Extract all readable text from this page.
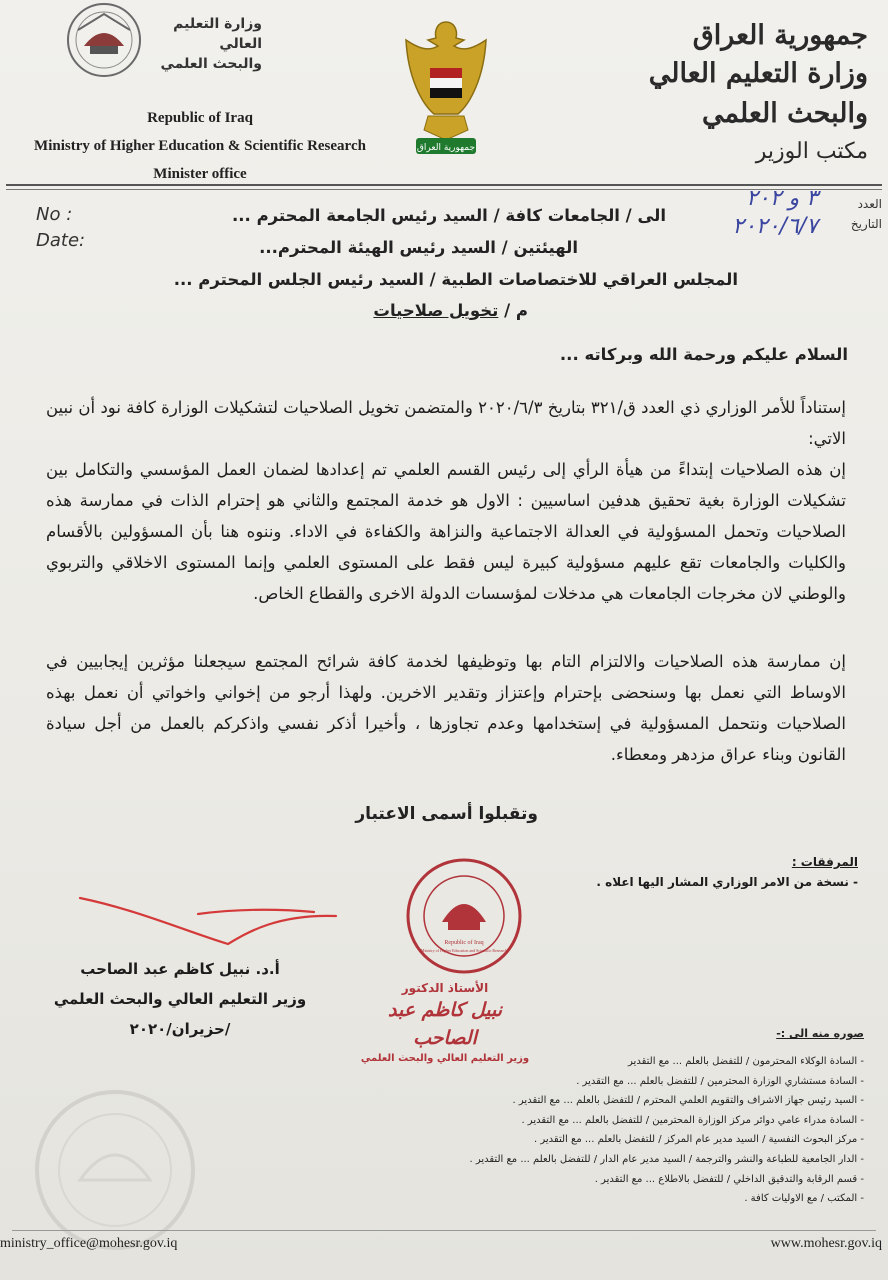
وزارة التعليم العالي
والبحث العلمي
Republic of Iraq
Ministry of Higher Education & Scientific Research
Minister office
جمهورية العراق
جمهورية العراق
وزارة التعليم العالي والبحث العلمي
مكتب الوزير
No :
Date:
العدد
التاريخ
٣ و ٢٠٢
٢٠٢٠/٦/٧
الى / الجامعات كافة / السيد رئيس الجامعة المحترم ...
الهيئتين / السيد رئيس الهيئة المحترم...
المجلس العراقي للاختصاصات الطبية / السيد رئيس الجلس المحترم ...
م / تخويل صلاحيات
السلام عليكم ورحمة الله وبركاته ...
إستناداً للأمر الوزاري ذي العدد ق/٣٢١ بتاريخ ٢٠٢٠/٦/٣ والمتضمن تخويل الصلاحيات لتشكيلات الوزارة كافة نود أن نبين الاتي:
إن هذه الصلاحيات إبتداءً من هيأة الرأي إلى رئيس القسم العلمي تم إعدادها لضمان العمل المؤسسي والتكامل بين تشكيلات الوزارة بغية تحقيق هدفين اساسيين : الاول هو خدمة المجتمع والثاني هو إحترام الذات في ممارسة هذه الصلاحيات وتحمل المسؤولية في العدالة الاجتماعية والنزاهة والكفاءة في الاداء. وننوه هنا بأن المسؤولين بالأقسام والكليات والجامعات تقع عليهم مسؤولية كبيرة ليس فقط على المستوى العلمي وإنما المستوى الاخلاقي والتربوي والوطني لان مخرجات الجامعات هي مدخلات لمؤسسات الدولة الاخرى والقطاع الخاص.
إن ممارسة هذه الصلاحيات والالتزام التام بها وتوظيفها لخدمة كافة شرائح المجتمع سيجعلنا مؤثرين إيجابيين في الاوساط التي نعمل بها وسنحضى بإحترام وإعتزاز وتقدير الاخرين. ولهذا أرجو من إخواني واخواتي أن نعمل بهذه الصلاحيات ونتحمل المسؤولية في إستخدامها وعدم تجاوزها ، وأخيرا أذكر نفسي واذكركم بالعمل من أجل سيادة القانون وبناء عراق مزدهر ومعطاء.
وتقبلوا أسمى الاعتبار
المرفقات :
- نسخة من الامر الوزاري المشار اليها اعلاه .
أ.د. نبيل كاظم عبد الصاحب
وزير التعليم العالي والبحث العلمي
/حزيران/٢٠٢٠
Republic of Iraq
Ministry of Higher Education and Scientific Research
الأستاذ الدكتور
نبيل كاظم عبد الصاحب
وزير التعليم العالي والبحث العلمي
صوره منه الى :-
- السادة الوكلاء المحترمون / للتفضل بالعلم ... مع التقدير
- السادة مستشاري الوزارة المحترمين / للتفضل بالعلم ... مع التقدير .
- السيد رئيس جهاز الاشراف والتقويم العلمي المحترم / للتفضل بالعلم ... مع التقدير .
- السادة مدراء عامي دوائر مركز الوزارة المحترمين / للتفضل بالعلم ... مع التقدير .
- مركز البحوث النفسية / السيد مدير عام المركز / للتفضل بالعلم ... مع التقدير .
- الدار الجامعية للطباعة والنشر والترجمة / السيد مدير عام الدار / للتفضل بالعلم ... مع التقدير .
- قسم الرقابة والتدقيق الداخلي / للتفضل بالاطلاع ... مع التقدير .
- المكتب / مع الاوليات كافة .
ministry_office@mohesr.gov.iq	www.mohesr.gov.iq
